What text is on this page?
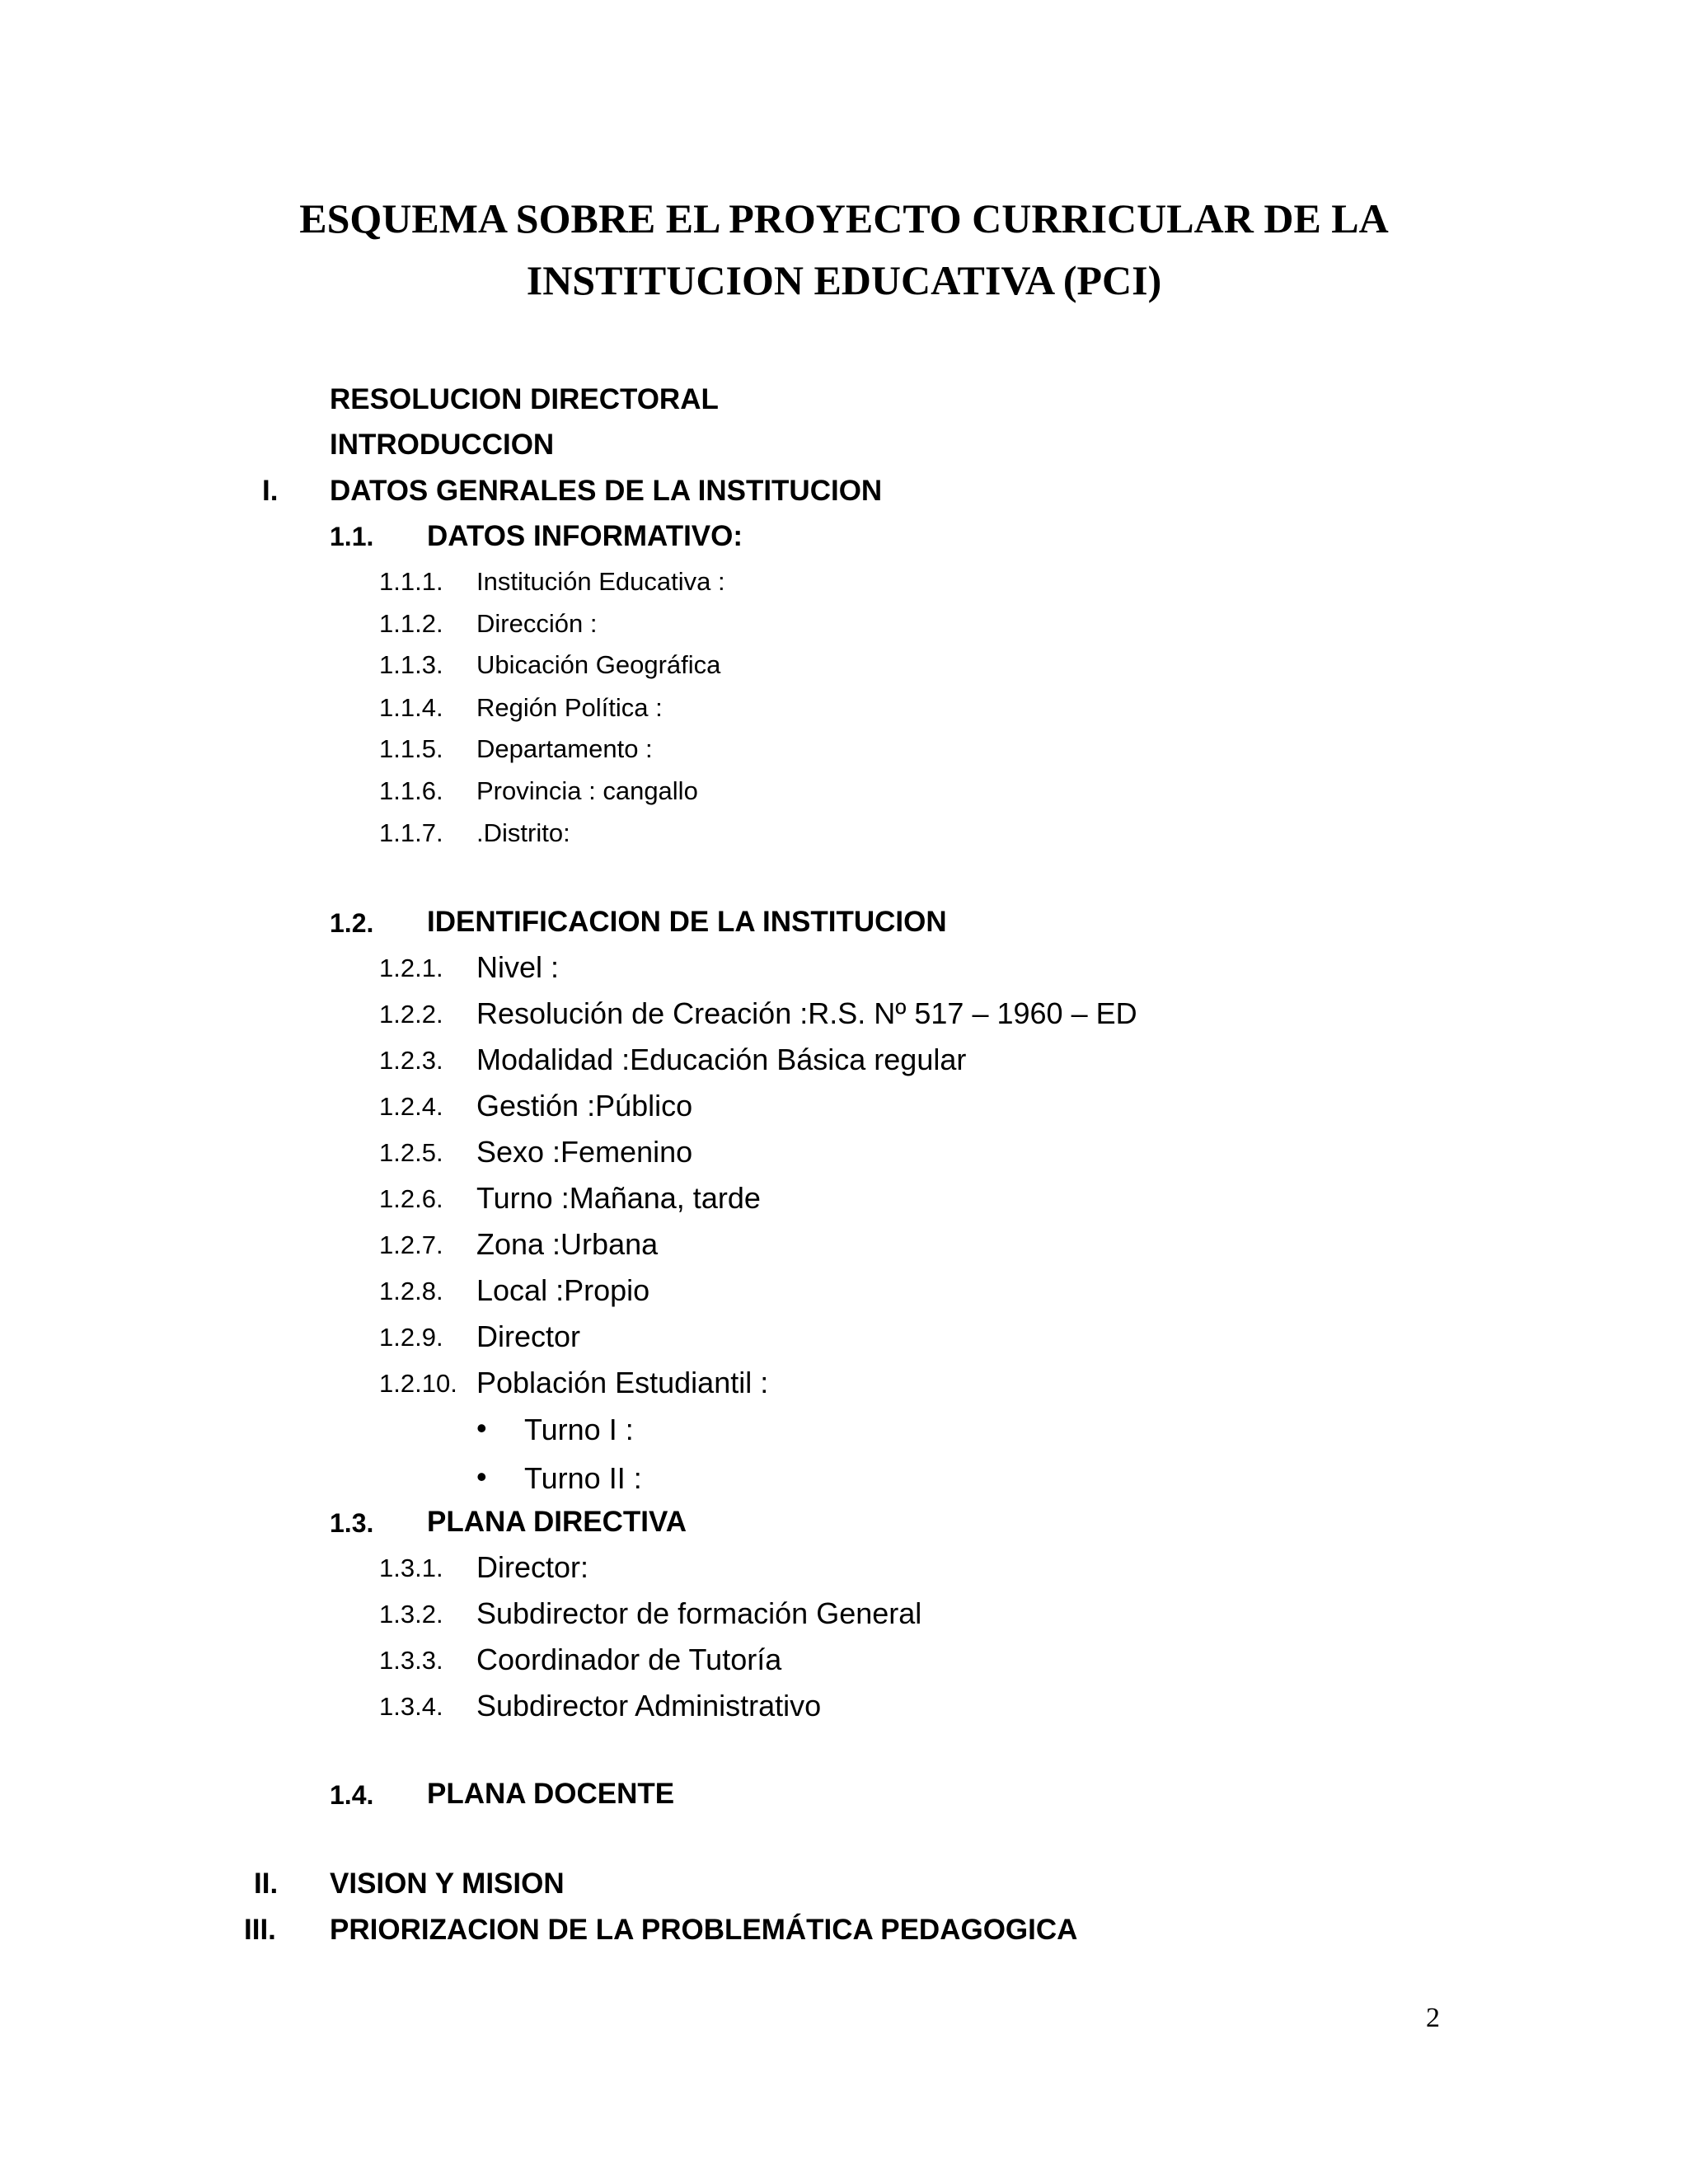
ESQUEMA SOBRE EL PROYECTO CURRICULAR DE LA
INSTITUCION EDUCATIVA (PCI)
RESOLUCION DIRECTORAL
INTRODUCCION
I. DATOS GENRALES DE LA INSTITUCION
1.1. DATOS INFORMATIVO:
1.1.1. Institución Educativa :
1.1.2. Dirección :
1.1.3. Ubicación Geográfica
1.1.4. Región Política :
1.1.5. Departamento :
1.1.6. Provincia : cangallo
1.1.7. .Distrito:
1.2. IDENTIFICACION DE LA INSTITUCION
1.2.1. Nivel :
1.2.2. Resolución de Creación :R.S. Nº 517 – 1960 – ED
1.2.3. Modalidad :Educación Básica regular
1.2.4. Gestión :Público
1.2.5. Sexo :Femenino
1.2.6. Turno :Mañana, tarde
1.2.7. Zona :Urbana
1.2.8. Local :Propio
1.2.9. Director
1.2.10. Población Estudiantil :
• Turno I :
• Turno II :
1.3. PLANA DIRECTIVA
1.3.1. Director:
1.3.2. Subdirector de formación General
1.3.3. Coordinador de Tutoría
1.3.4. Subdirector Administrativo
1.4. PLANA DOCENTE
II. VISION Y MISION
III. PRIORIZACION DE LA PROBLEMÁTICA PEDAGOGICA
2
